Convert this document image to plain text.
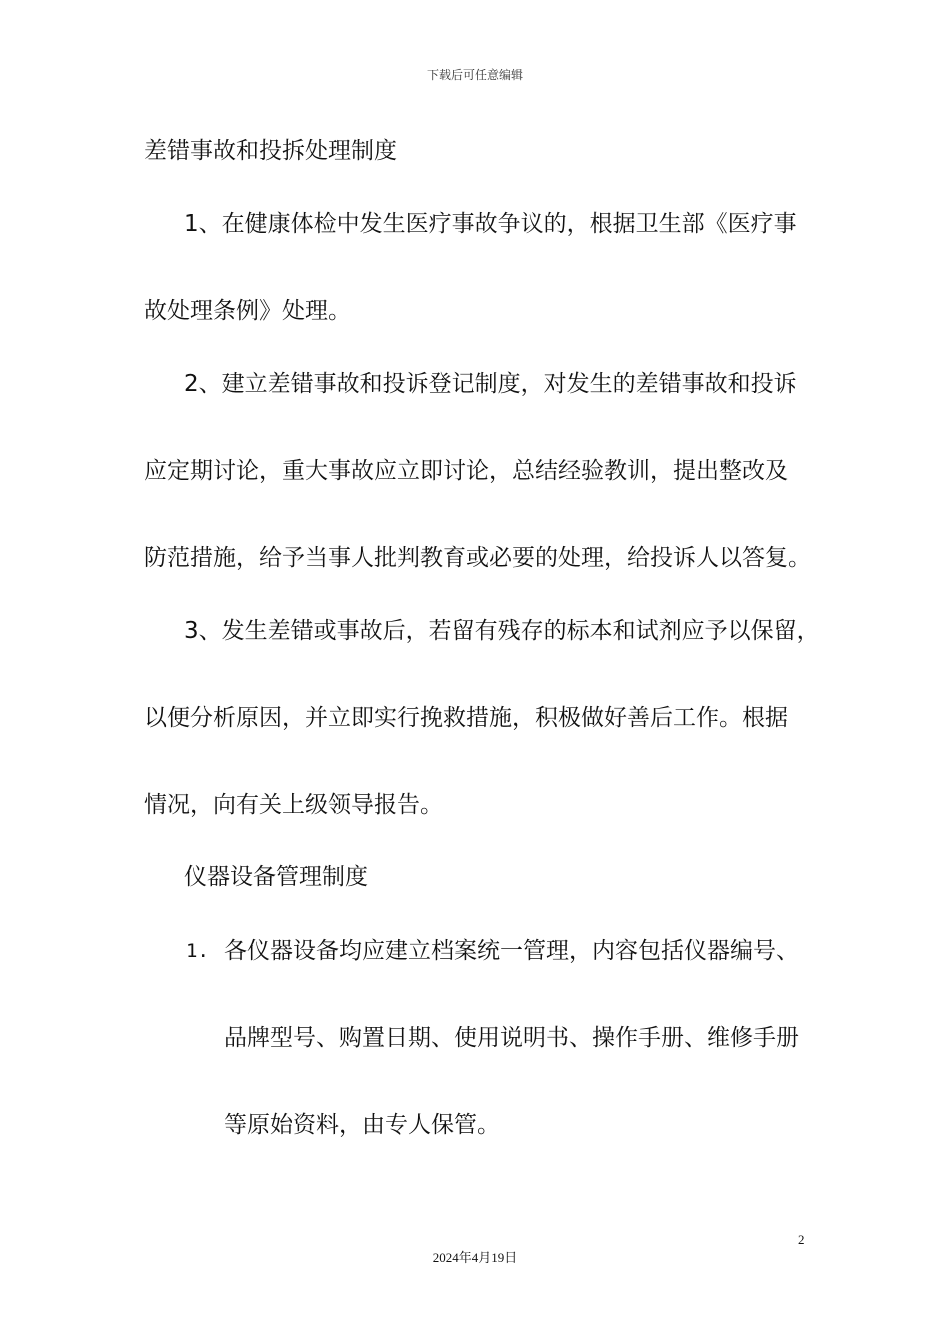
下载后可任意编辑
差错事故和投拆处理制度
1、在健康体检中发生医疗事故争议的，根据卫生部《医疗事
故处理条例》处理。
2、建立差错事故和投诉登记制度，对发生的差错事故和投诉
应定期讨论，重大事故应立即讨论，总结经验教训，提出整改及
防范措施，给予当事人批判教育或必要的处理，给投诉人以答复。
3、发生差错或事故后，若留有残存的标本和试剂应予以保留，
以便分析原因，并立即实行挽救措施，积极做好善后工作。根据
情况，向有关上级领导报告。
仪器设备管理制度
1. 各仪器设备均应建立档案统一管理，内容包括仪器编号、
品牌型号、购置日期、使用说明书、操作手册、维修手册
等原始资料，由专人保管。
2
2024年4月19日
